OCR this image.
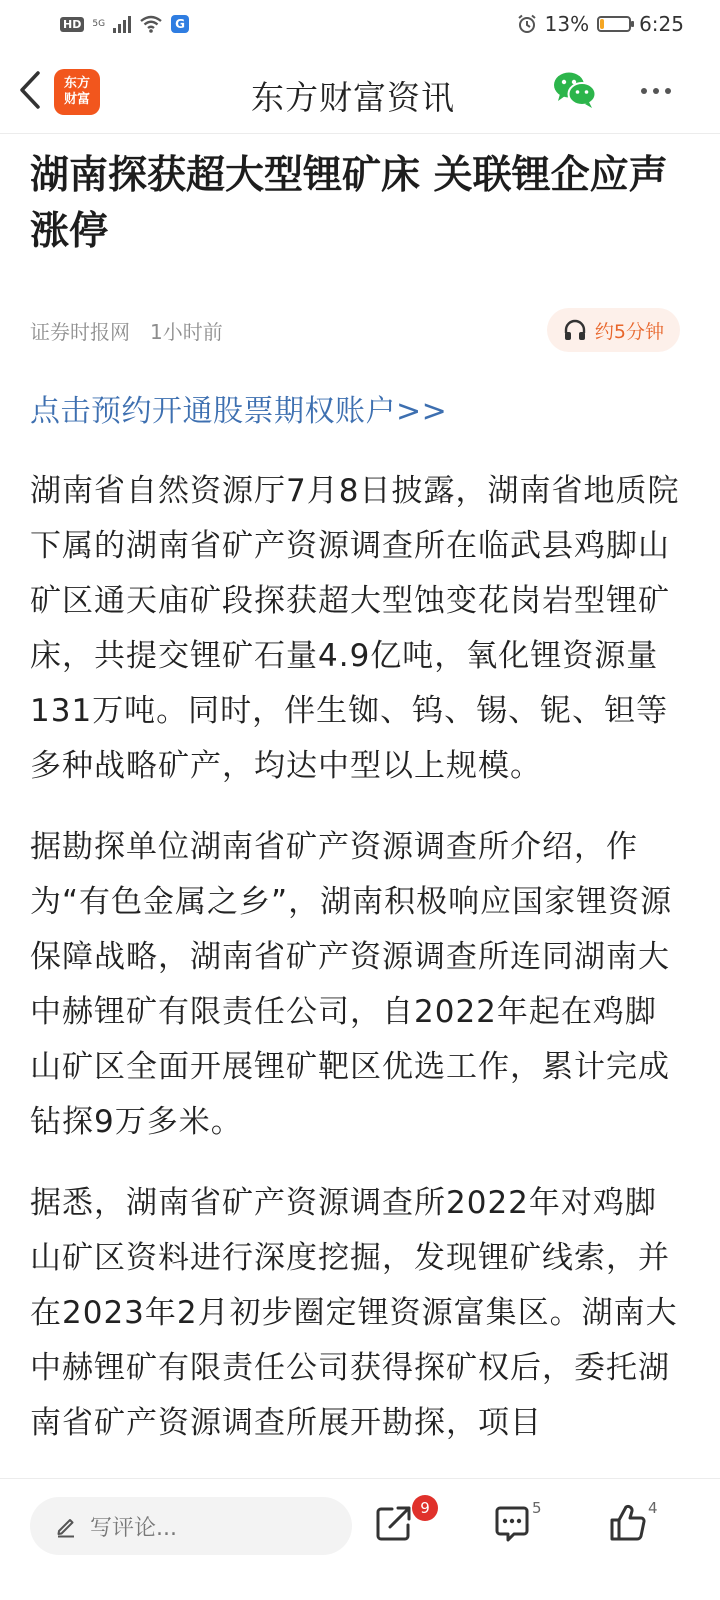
HD	5G	G	13%	6:25
东方
财富	东方财富资讯
湖南探获超大型锂矿床 关联锂企应声涨停
证券时报网 1小时前	约5分钟
点击预约开通股票期权账户>>

湖南省自然资源厅7月8日披露，湖南省地质院下属的湖南省矿产资源调查所在临武县鸡脚山矿区通天庙矿段探获超大型蚀变花岗岩型锂矿床，共提交锂矿石量4.9亿吨，氧化锂资源量131万吨。同时，伴生铷、钨、锡、铌、钽等多种战略矿产，均达中型以上规模。

据勘探单位湖南省矿产资源调查所介绍，作为“有色金属之乡”，湖南积极响应国家锂资源保障战略，湖南省矿产资源调查所连同湖南大中赫锂矿有限责任公司，自2022年起在鸡脚山矿区全面开展锂矿靶区优选工作，累计完成钻探9万多米。

据悉，湖南省矿产资源调查所2022年对鸡脚山矿区资料进行深度挖掘，发现锂矿线索，并在2023年2月初步圈定锂资源富集区。湖南大中赫锂矿有限责任公司获得探矿权后，委托湖南省矿产资源调查所展开勘探，项目

写评论...
9	5	4
